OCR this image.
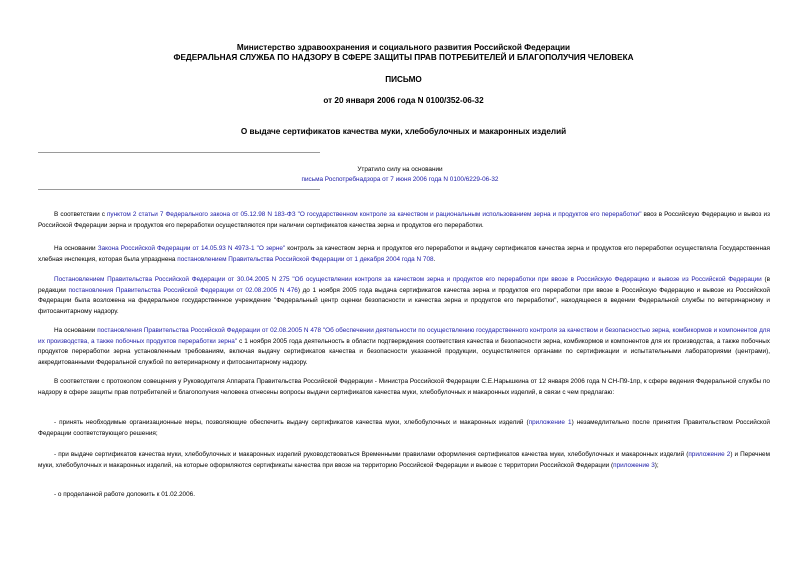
Министерство здравоохранения и социального развития Российской Федерации
ФЕДЕРАЛЬНАЯ СЛУЖБА ПО НАДЗОРУ В СФЕРЕ ЗАЩИТЫ ПРАВ ПОТРЕБИТЕЛЕЙ И БЛАГОПОЛУЧИЯ ЧЕЛОВЕКА
ПИСЬМО
от 20 января 2006 года N 0100/352-06-32
О выдаче сертификатов качества муки, хлебобулочных и макаронных изделий
Утратило силу на основании
письма Роспотребнадзора от 7 июня 2006 года N 0100/6229-06-32
В соответствии с пунктом 2 статьи 7 Федерального закона от 05.12.98 N 183-ФЗ "О государственном контроле за качеством и рациональным использованием зерна и продуктов его переработки" ввоз в Российскую Федерацию и вывоз из Российской Федерации зерна и продуктов его переработки осуществляются при наличии сертификатов качества зерна и продуктов его переработки.
На основании Закона Российской Федерации от 14.05.93 N 4973-1 "О зерне" контроль за качеством зерна и продуктов его переработки и выдачу сертификатов качества зерна и продуктов его переработки осуществляла Государственная хлебная инспекция, которая была упразднена постановлением Правительства Российской Федерации от 1 декабря 2004 года N 708.
Постановлением Правительства Российской Федерации от 30.04.2005 N 275 "Об осуществлении контроля за качеством зерна и продуктов его переработки при ввозе в Российскую Федерацию и вывозе из Российской Федерации (в редакции постановления Правительства Российской Федерации от 02.08.2005 N 476) до 1 ноября 2005 года выдача сертификатов качества зерна и продуктов его переработки при ввозе в Российскую Федерацию и вывозе из Российской Федерации была возложена на федеральное государственное учреждение "Федеральный центр оценки безопасности и качества зерна и продуктов его переработки", находящееся в ведении Федеральной службы по ветеринарному и фитосанитарному надзору.
На основании постановления Правительства Российской Федерации от 02.08.2005 N 478 "Об обеспечении деятельности по осуществлению государственного контроля за качеством и безопасностью зерна, комбикормов и компонентов для их производства, а также побочных продуктов переработки зерна" с 1 ноября 2005 года деятельность в области подтверждения соответствия качества и безопасности зерна, комбикормов и компонентов для их производства, а также побочных продуктов переработки зерна установленным требованиям, включая выдачу сертификатов качества и безопасности указанной продукции, осуществляется органами по сертификации и испытательными лабораториями (центрами), аккредитованными Федеральной службой по ветеринарному и фитосанитарному надзору.
В соответствии с протоколом совещения у Руководителя Аппарата Правительства Российской Федерации - Министра Российской Федерации С.Е.Нарышкина от 12 января 2006 года N СН-П9-1пр, к сфере ведения Федеральной службы по надзору в сфере защиты прав потребителей и благополучия человека отнесены вопросы выдачи сертификатов качества муки, хлебобулочных и макаронных изделий, в связи с чем предлагаю:
- принять необходимые организационные меры, позволяющие обеспечить выдачу сертификатов качества муки, хлебобулочных и макаронных изделий (приложение 1) незамедлительно после принятия Правительством Российской Федерации соответствующего решения;
- при выдаче сертификатов качества муки, хлебобулочных и макаронных изделий руководствоваться Временными правилами оформления сертификатов качества муки, хлебобулочных и макаронных изделий (приложение 2) и Перечнем муки, хлебобулочных и макаронных изделий, на которые оформляются сертификаты качества при ввозе на территорию Российской Федерации и вывозе с территории Российской Федерации (приложение 3);
- о проделанной работе доложить к 01.02.2006.
